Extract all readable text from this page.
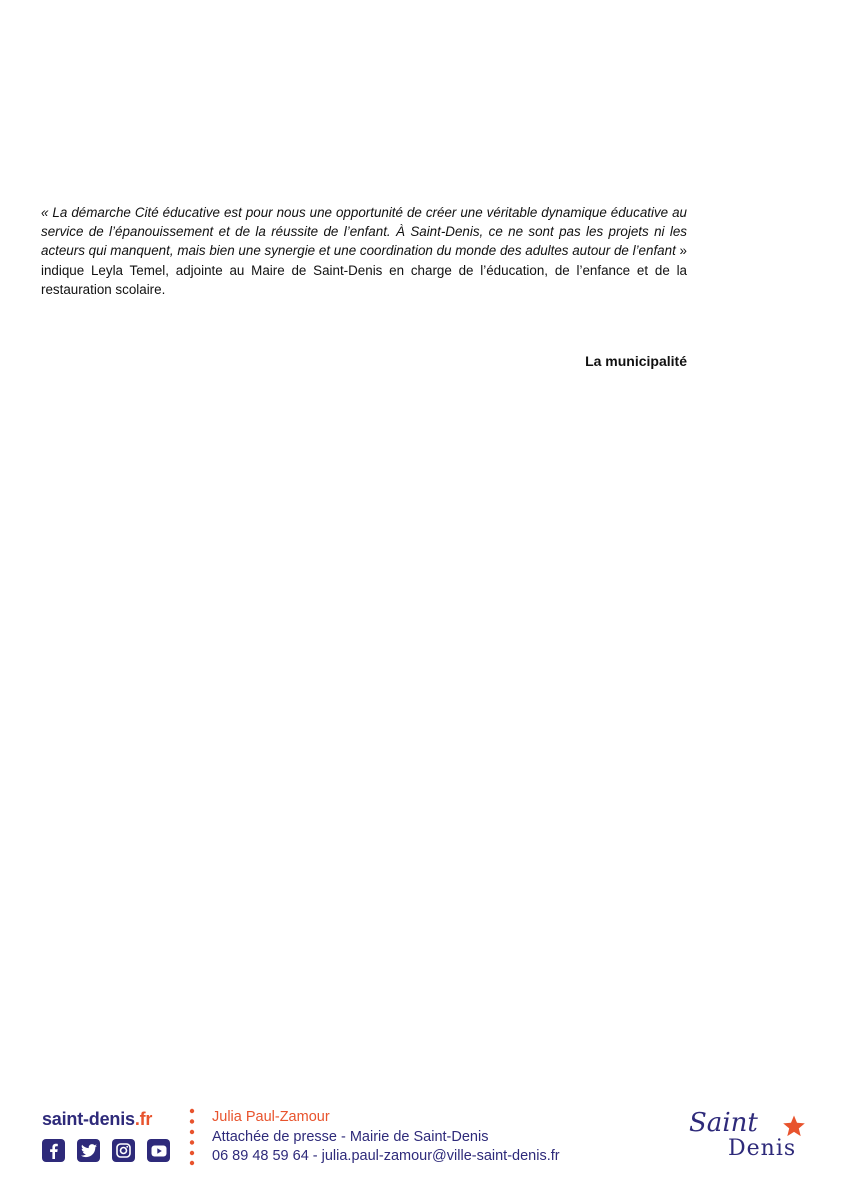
« La démarche Cité éducative est pour nous une opportunité de créer une véritable dynamique éducative au service de l’épanouissement et de la réussite de l’enfant. À Saint-Denis, ce ne sont pas les projets ni les acteurs qui manquent, mais bien une synergie et une coordination du monde des adultes autour de l’enfant » indique Leyla Temel, adjointe au Maire de Saint-Denis en charge de l’éducation, de l’enfance et de la restauration scolaire.

La municipalité

saint-denis.fr	Julia Paul-Zamour
Attachée de presse - Mairie de Saint-Denis
06 89 48 59 64 - julia.paul-zamour@ville-saint-denis.fr
Saint
Denis
